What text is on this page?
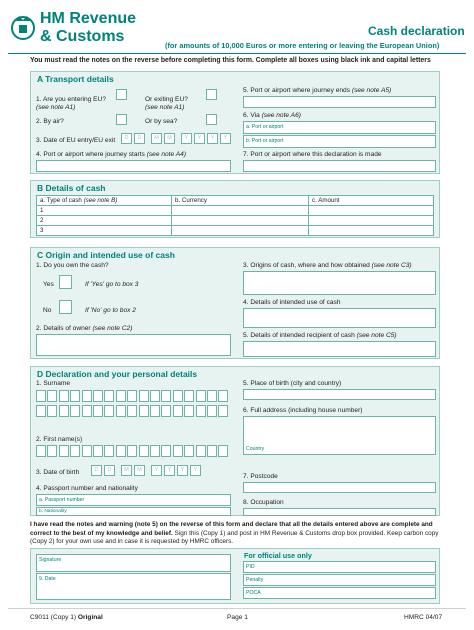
HM Revenue
& Customs	Cash declaration
(for amounts of 10,000 Euros or more entering or leaving the European Union)
You must read the notes on the reverse before completing this form. Complete all boxes using black ink and capital letters
A Transport details
1. Are you entering EU?
(see note A1)
Or exiting EU?
(see note A1)
2. By air?	Or by sea?
3. Date of EU entry/EU exit	D	D	M	M	Y	Y	Y	Y
4. Port or airport where journey starts (see note A4)
5. Port or airport where journey ends (see note A5)
6. Via (see note A6)
a. Port or airport
b. Port or airport
7. Port or airport where this declaration is made
B Details of cash
a. Type of cash (see note B)	b. Currency	c. Amount
1		
2		
3		
C Origin and intended use of cash
1. Do you own the cash?
Yes	If 'Yes' go to box 3
No	If 'No' go to box 2
2. Details of owner (see note C2)
3. Origins of cash, where and how obtained (see note C3)
4. Details of intended use of cash
5. Details of intended recipient of cash (see note C5)
D Declaration and your personal details
1. Surname
2. First name(s)
3. Date of birth	D	D	M	M	Y	Y	Y	Y
4. Passport number and nationality
a. Passport number
b. Nationality
5. Place of birth (city and country)
6. Full address (including house number)
Country
7. Postcode
8. Occupation
I have read the notes and warning (note 5) on the reverse of this form and declare that all the details entered above are complete and correct to the best of my knowledge and belief. Sign this (Copy 1) and post in HM Revenue & Customs drop box provided. Keep carbon copy (Copy 2) for your own use and in case it is requested by HMRC officers.
Signature
9. Date
For official use only
PID
Penalty
POCA
C9011 (Copy 1) Original	Page 1	HMRC 04/07
